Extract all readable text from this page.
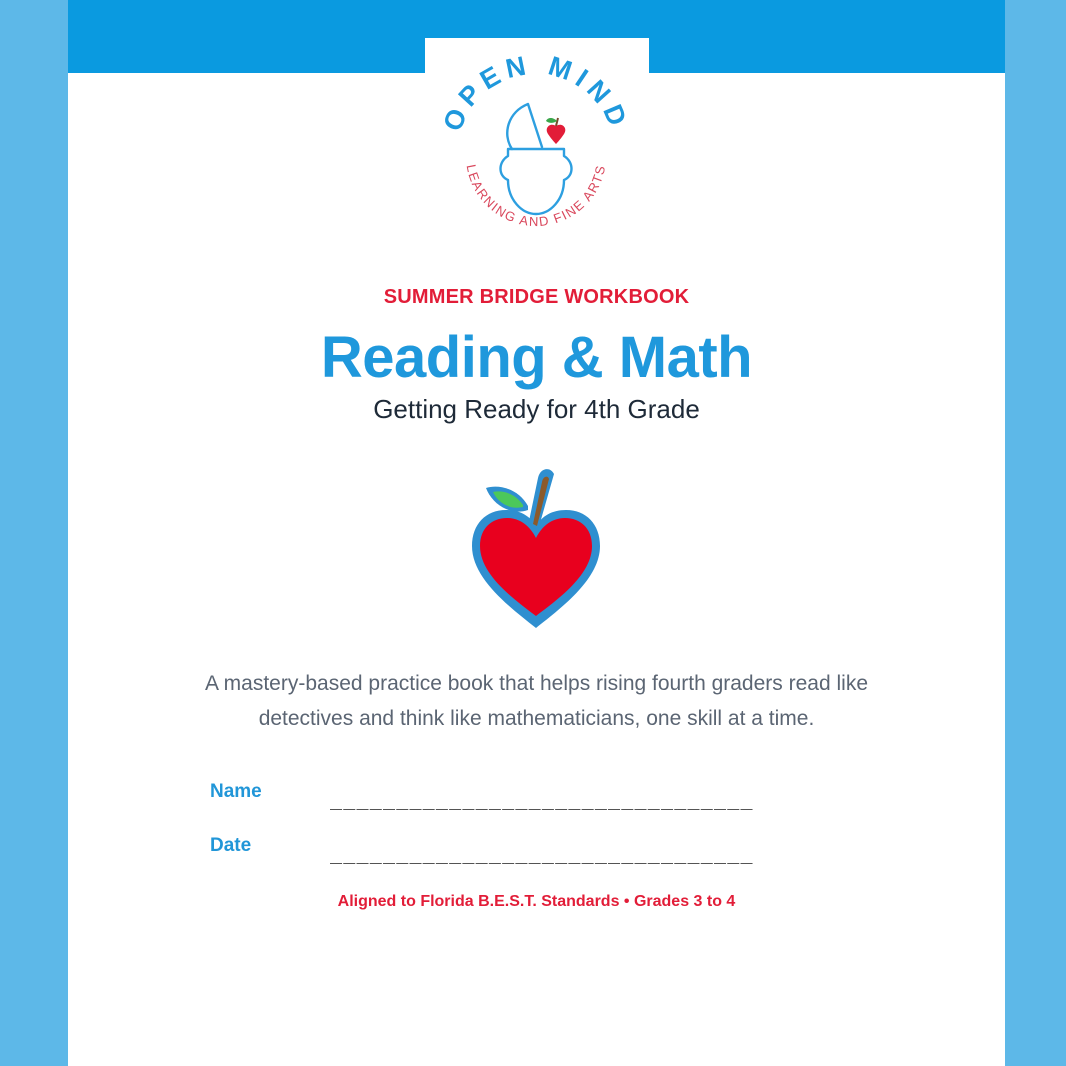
OPEN MIND
LEARNING AND FINE ARTS
SUMMER BRIDGE WORKBOOK
Reading & Math
Getting Ready for 4th Grade
A mastery-based practice book that helps rising fourth graders read like
detectives and think like mathematicians, one skill at a time.
Name	________________________________
Date	________________________________
Aligned to Florida B.E.S.T. Standards • Grades 3 to 4
